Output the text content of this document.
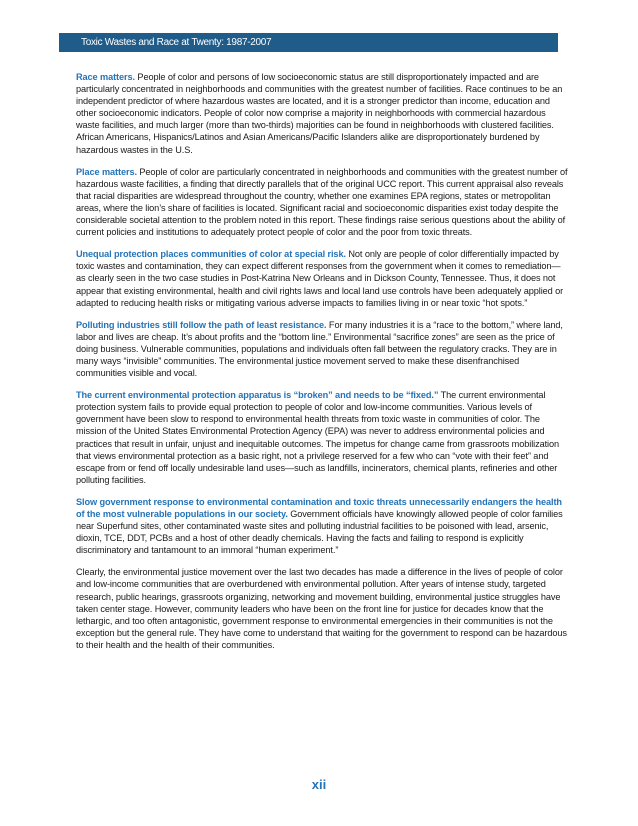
Toxic Wastes and Race at Twenty: 1987-2007

Race matters. People of color and persons of low socioeconomic status are still disproportionately impacted and are particularly concentrated in neighborhoods and communities with the greatest number of facilities. Race continues to be an independent predictor of where hazardous wastes are located, and it is a stronger predictor than income, education and other socioeconomic indicators. People of color now comprise a majority in neighborhoods with commercial hazardous waste facilities, and much larger (more than two-thirds) majorities can be found in neighborhoods with clustered facilities. African Americans, Hispanics/Latinos and Asian Americans/Pacific Islanders alike are disproportionately burdened by hazardous wastes in the U.S.

Place matters. People of color are particularly concentrated in neighborhoods and communities with the greatest number of hazardous waste facilities, a finding that directly parallels that of the original UCC report. This current appraisal also reveals that racial disparities are widespread throughout the country, whether one examines EPA regions, states or metropolitan areas, where the lion’s share of facilities is located. Significant racial and socioeconomic disparities exist today despite the considerable societal attention to the problem noted in this report. These findings raise serious questions about the ability of current policies and institutions to adequately protect people of color and the poor from toxic threats.

Unequal protection places communities of color at special risk. Not only are people of color differentially impacted by toxic wastes and contamination, they can expect different responses from the government when it comes to remediation—as clearly seen in the two case studies in Post-Katrina New Orleans and in Dickson County, Tennessee. Thus, it does not appear that existing environmental, health and civil rights laws and local land use controls have been adequately applied or adapted to reducing health risks or mitigating various adverse impacts to families living in or near toxic “hot spots.”

Polluting industries still follow the path of least resistance. For many industries it is a “race to the bottom,” where land, labor and lives are cheap. It’s about profits and the “bottom line.” Environmental “sacrifice zones” are seen as the price of doing business. Vulnerable communities, populations and individuals often fall between the regulatory cracks. They are in many ways “invisible” communities. The environmental justice movement served to make these disenfranchised communities visible and vocal.

The current environmental protection apparatus is “broken” and needs to be “fixed.” The current environmental protection system fails to provide equal protection to people of color and low-income communities. Various levels of government have been slow to respond to environmental health threats from toxic waste in communities of color. The mission of the United States Environmental Protection Agency (EPA) was never to address environmental policies and practices that result in unfair, unjust and inequitable outcomes. The impetus for change came from grassroots mobilization that views environmental protection as a basic right, not a privilege reserved for a few who can “vote with their feet” and escape from or fend off locally undesirable land uses—such as landfills, incinerators, chemical plants, refineries and other polluting facilities.

Slow government response to environmental contamination and toxic threats unnecessarily endangers the health of the most vulnerable populations in our society. Government officials have knowingly allowed people of color families near Superfund sites, other contaminated waste sites and polluting industrial facilities to be poisoned with lead, arsenic, dioxin, TCE, DDT, PCBs and a host of other deadly chemicals. Having the facts and failing to respond is explicitly discriminatory and tantamount to an immoral “human experiment.”

Clearly, the environmental justice movement over the last two decades has made a difference in the lives of people of color and low-income communities that are overburdened with environmental pollution. After years of intense study, targeted research, public hearings, grassroots organizing, networking and movement building, environmental justice struggles have taken center stage. However, community leaders who have been on the front line for justice for decades know that the lethargic, and too often antagonistic, government response to environmental emergencies in their communities is not the exception but the general rule. They have come to understand that waiting for the government to respond can be hazardous to their health and the health of their communities.

xii
